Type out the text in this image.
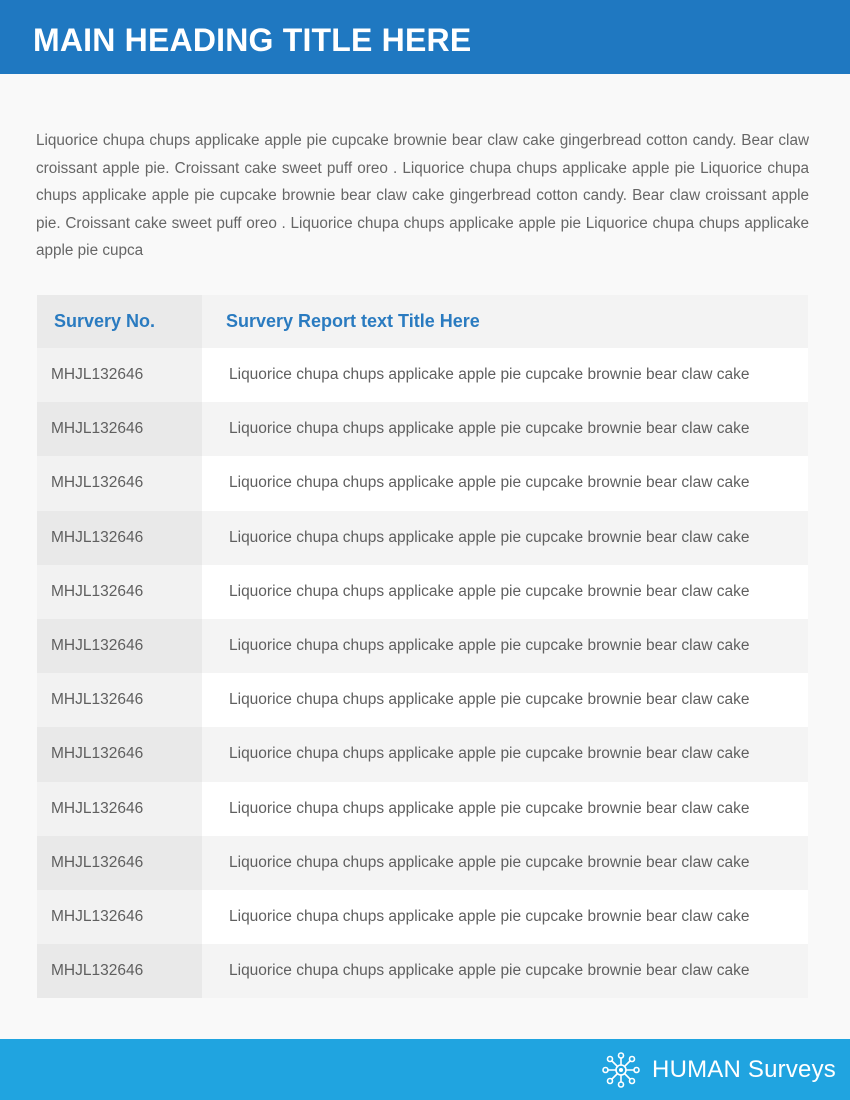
MAIN HEADING TITLE HERE

Liquorice chupa chups applicake apple pie cupcake brownie bear claw cake gingerbread cotton candy. Bear claw croissant apple pie. Croissant cake sweet puff oreo . Liquorice chupa chups applicake apple pie Liquorice chupa chups applicake apple pie cupcake brownie bear claw cake gingerbread cotton candy. Bear claw croissant apple pie. Croissant cake sweet puff oreo . Liquorice chupa chups applicake apple pie Liquorice chupa chups applicake apple pie cupca

Survery No.	Survery Report text Title Here
MHJL132646	Liquorice chupa chups applicake apple pie cupcake brownie bear claw cake
MHJL132646	Liquorice chupa chups applicake apple pie cupcake brownie bear claw cake
MHJL132646	Liquorice chupa chups applicake apple pie cupcake brownie bear claw cake
MHJL132646	Liquorice chupa chups applicake apple pie cupcake brownie bear claw cake
MHJL132646	Liquorice chupa chups applicake apple pie cupcake brownie bear claw cake
MHJL132646	Liquorice chupa chups applicake apple pie cupcake brownie bear claw cake
MHJL132646	Liquorice chupa chups applicake apple pie cupcake brownie bear claw cake
MHJL132646	Liquorice chupa chups applicake apple pie cupcake brownie bear claw cake
MHJL132646	Liquorice chupa chups applicake apple pie cupcake brownie bear claw cake
MHJL132646	Liquorice chupa chups applicake apple pie cupcake brownie bear claw cake
MHJL132646	Liquorice chupa chups applicake apple pie cupcake brownie bear claw cake
MHJL132646	Liquorice chupa chups applicake apple pie cupcake brownie bear claw cake
HUMAN Surveys
